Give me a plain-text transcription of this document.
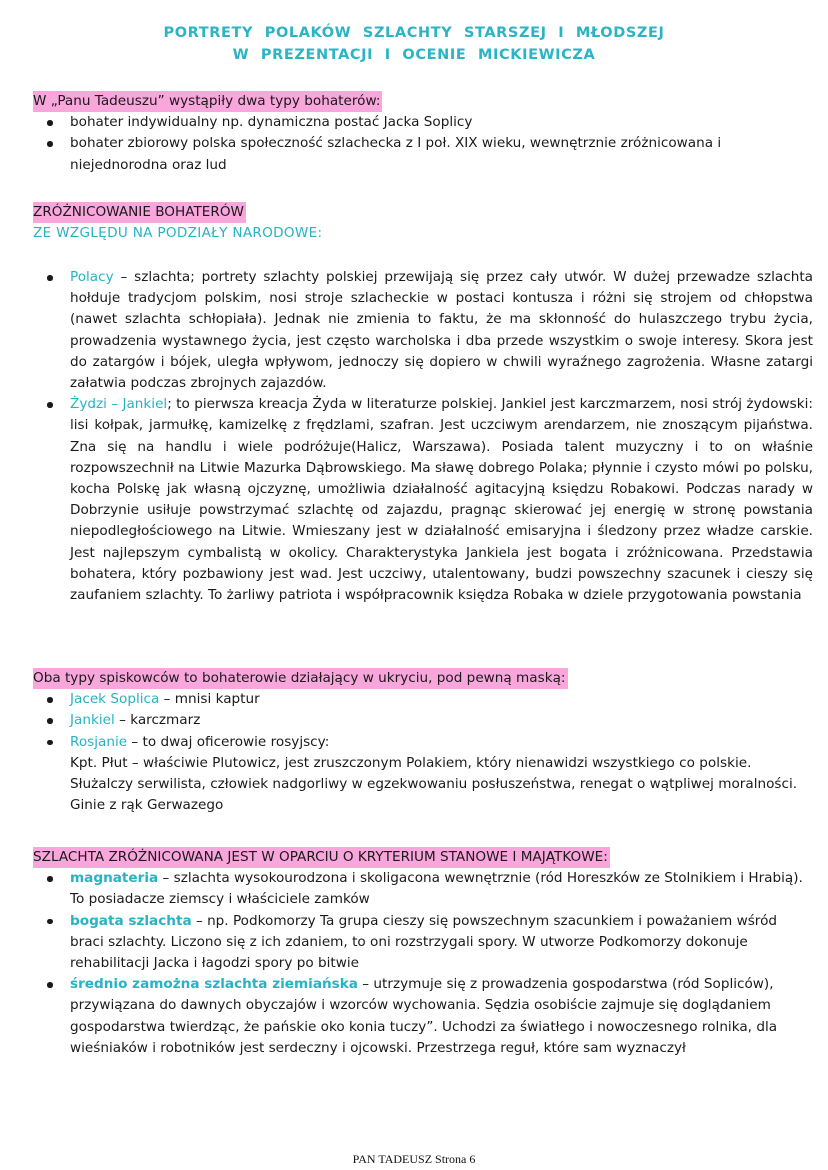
PORTRETY POLAKÓW SZLACHTY STARSZEJ I MŁODSZEJ
W PREZENTACJI I OCENIE MICKIEWICZA
W „Panu Tadeuszu” wystąpiły dwa typy bohaterów:
bohater indywidualny np. dynamiczna postać Jacka Soplicy
bohater zbiorowy polska społeczność szlachecka z I poł. XIX wieku, wewnętrznie zróżnicowana i niejednorodna oraz lud
ZRÓŻNICOWANIE BOHATERÓW
ZE WZGLĘDU NA PODZIAŁY NARODOWE:
Polacy – szlachta; portrety szlachty polskiej przewijają się przez cały utwór. W dużej przewadze szlachta hołduje tradycjom polskim, nosi stroje szlacheckie w postaci kontusza i różni się strojem od chłopstwa (nawet szlachta schłopiała). Jednak nie zmienia to faktu, że ma skłonność do hulaszczego trybu życia, prowadzenia wystawnego życia, jest często warcholska i dba przede wszystkim o swoje interesy. Skora jest do zatargów i bójek, uległa wpływom, jednoczy się dopiero w chwili wyraźnego zagrożenia. Własne zatargi załatwia podczas zbrojnych zajazdów.
Żydzi – Jankiel; to pierwsza kreacja Żyda w literaturze polskiej. Jankiel jest karczmarzem, nosi strój żydowski: lisi kołpak, jarmułkę, kamizelkę z frędzlami, szafran. Jest uczciwym arendarzem, nie znoszącym pijaństwa. Zna się na handlu i wiele podróżuje(Halicz, Warszawa). Posiada talent muzyczny i to on właśnie rozpowszechnił na Litwie Mazurka Dąbrowskiego. Ma sławę dobrego Polaka; płynnie i czysto mówi po polsku, kocha Polskę jak własną ojczyznę, umożliwia działalność agitacyjną księdzu Robakowi. Podczas narady w Dobrzynie usiłuje powstrzymać szlachtę od zajazdu, pragnąc skierować jej energię w stronę powstania niepodległościowego na Litwie. Wmieszany jest w działalność emisaryjna i śledzony przez władze carskie. Jest najlepszym cymbalistą w okolicy. Charakterystyka Jankiela jest bogata i zróżnicowana. Przedstawia bohatera, który pozbawiony jest wad. Jest uczciwy, utalentowany, budzi powszechny szacunek i cieszy się zaufaniem szlachty. To żarliwy patriota i współpracownik księdza Robaka w dziele przygotowania powstania
Oba typy spiskowców to bohaterowie działający w ukryciu, pod pewną maską:
Jacek Soplica – mnisi kaptur
Jankiel – karczmarz
Rosjanie – to dwaj oficerowie rosyjscy:
Kpt. Płut – właściwie Plutowicz, jest zruszczonym Polakiem, który nienawidzi wszystkiego co polskie. Służalczy serwilista, człowiek nadgorliwy w egzekwowaniu posłuszeństwa, renegat o wątpliwej moralności. Ginie z rąk Gerwazego
SZLACHTA ZRÓŻNICOWANA JEST W OPARCIU O KRYTERIUM STANOWE I MAJĄTKOWE:
magnateria – szlachta wysokourodzona i skoligacona wewnętrznie (ród Horeszków ze Stolnikiem i Hrabią). To posiadacze ziemscy i właściciele zamków
bogata szlachta – np. Podkomorzy Ta grupa cieszy się powszechnym szacunkiem i poważaniem wśród braci szlachty. Liczono się z ich zdaniem, to oni rozstrzygali spory. W utworze Podkomorzy dokonuje rehabilitacji Jacka i łagodzi spory po bitwie
średnio zamożna szlachta ziemiańska – utrzymuje się z prowadzenia gospodarstwa (ród Sopliców), przywiązana do dawnych obyczajów i wzorców wychowania. Sędzia osobiście zajmuje się doglądaniem gospodarstwa twierdząc, że pańskie oko konia tuczy”. Uchodzi za światłego i nowoczesnego rolnika, dla wieśniaków i robotników jest serdeczny i ojcowski. Przestrzega reguł, które sam wyznaczył
PAN TADEUSZ Strona 6
